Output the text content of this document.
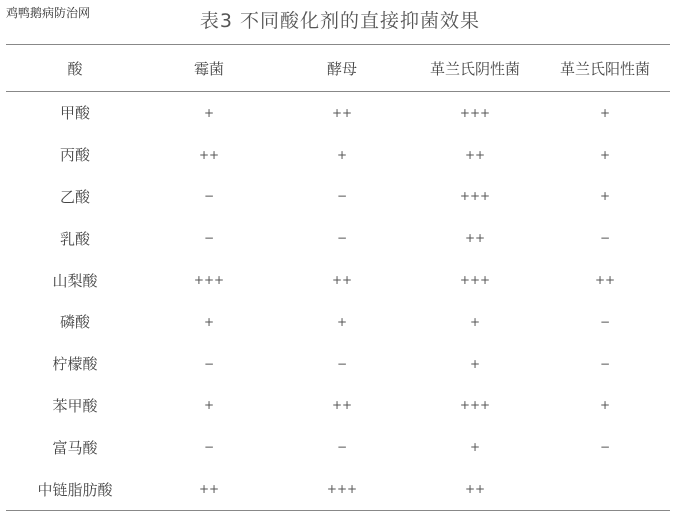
鸡鸭鹅病防治网	表3 不同酸化剂的直接抑菌效果
酸	霉菌	酵母	革兰氏阴性菌	革兰氏阳性菌
甲酸	+	++	+++	+
丙酸	++	+	++	+
乙酸	−	−	+++	+
乳酸	−	−	++	−
山梨酸	+++	++	+++	++
磷酸	+	+	+	−
柠檬酸	−	−	+	−
苯甲酸	+	++	+++	+
富马酸	−	−	+	−
中链脂肪酸	++	+++	++	
